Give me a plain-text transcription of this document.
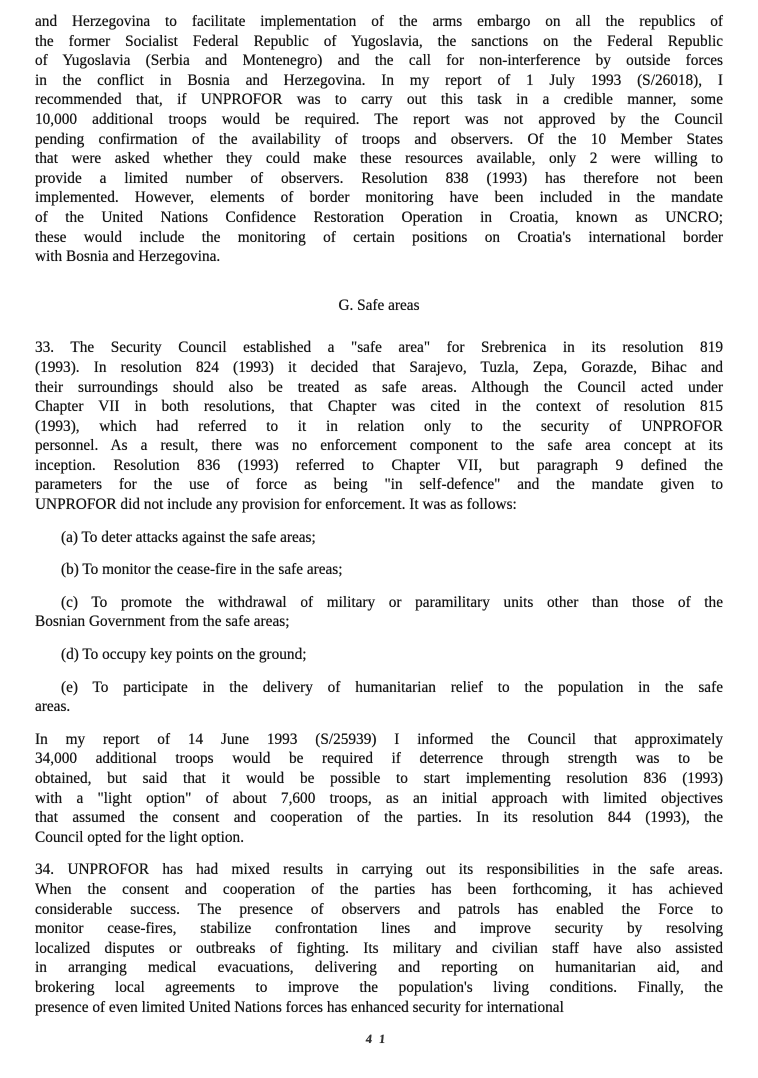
and Herzegovina to facilitate implementation of the arms embargo on all the republics of
the former Socialist Federal Republic of Yugoslavia, the sanctions on the Federal Republic
of Yugoslavia (Serbia and Montenegro) and the call for non-interference by outside forces
in the conflict in Bosnia and Herzegovina. In my report of 1 July 1993 (S/26018), I
recommended that, if UNPROFOR was to carry out this task in a credible manner, some
10,000 additional troops would be required. The report was not approved by the Council
pending confirmation of the availability of troops and observers. Of the 10 Member States
that were asked whether they could make these resources available, only 2 were willing to
provide a limited number of observers. Resolution 838 (1993) has therefore not been
implemented. However, elements of border monitoring have been included in the mandate
of the United Nations Confidence Restoration Operation in Croatia, known as UNCRO;
these would include the monitoring of certain positions on Croatia's international border
with Bosnia and Herzegovina.
G. Safe areas
33. The Security Council established a "safe area" for Srebrenica in its resolution 819
(1993). In resolution 824 (1993) it decided that Sarajevo, Tuzla, Zepa, Gorazde, Bihac and
their surroundings should also be treated as safe areas. Although the Council acted under
Chapter VII in both resolutions, that Chapter was cited in the context of resolution 815
(1993), which had referred to it in relation only to the security of UNPROFOR
personnel. As a result, there was no enforcement component to the safe area concept at its
inception. Resolution 836 (1993) referred to Chapter VII, but paragraph 9 defined the
parameters for the use of force as being "in self-defence" and the mandate given to
UNPROFOR did not include any provision for enforcement. It was as follows:
(a) To deter attacks against the safe areas;
(b) To monitor the cease-fire in the safe areas;
(c) To promote the withdrawal of military or paramilitary units other than those of the
Bosnian Government from the safe areas;
(d) To occupy key points on the ground;
(e) To participate in the delivery of humanitarian relief to the population in the safe
areas.
In my report of 14 June 1993 (S/25939) I informed the Council that approximately
34,000 additional troops would be required if deterrence through strength was to be
obtained, but said that it would be possible to start implementing resolution 836 (1993)
with a "light option" of about 7,600 troops, as an initial approach with limited objectives
that assumed the consent and cooperation of the parties. In its resolution 844 (1993), the
Council opted for the light option.
34. UNPROFOR has had mixed results in carrying out its responsibilities in the safe areas.
When the consent and cooperation of the parties has been forthcoming, it has achieved
considerable success. The presence of observers and patrols has enabled the Force to
monitor cease-fires, stabilize confrontation lines and improve security by resolving
localized disputes or outbreaks of fighting. Its military and civilian staff have also assisted
in arranging medical evacuations, delivering and reporting on humanitarian aid, and
brokering local agreements to improve the population's living conditions. Finally, the
presence of even limited United Nations forces has enhanced security for international
41
